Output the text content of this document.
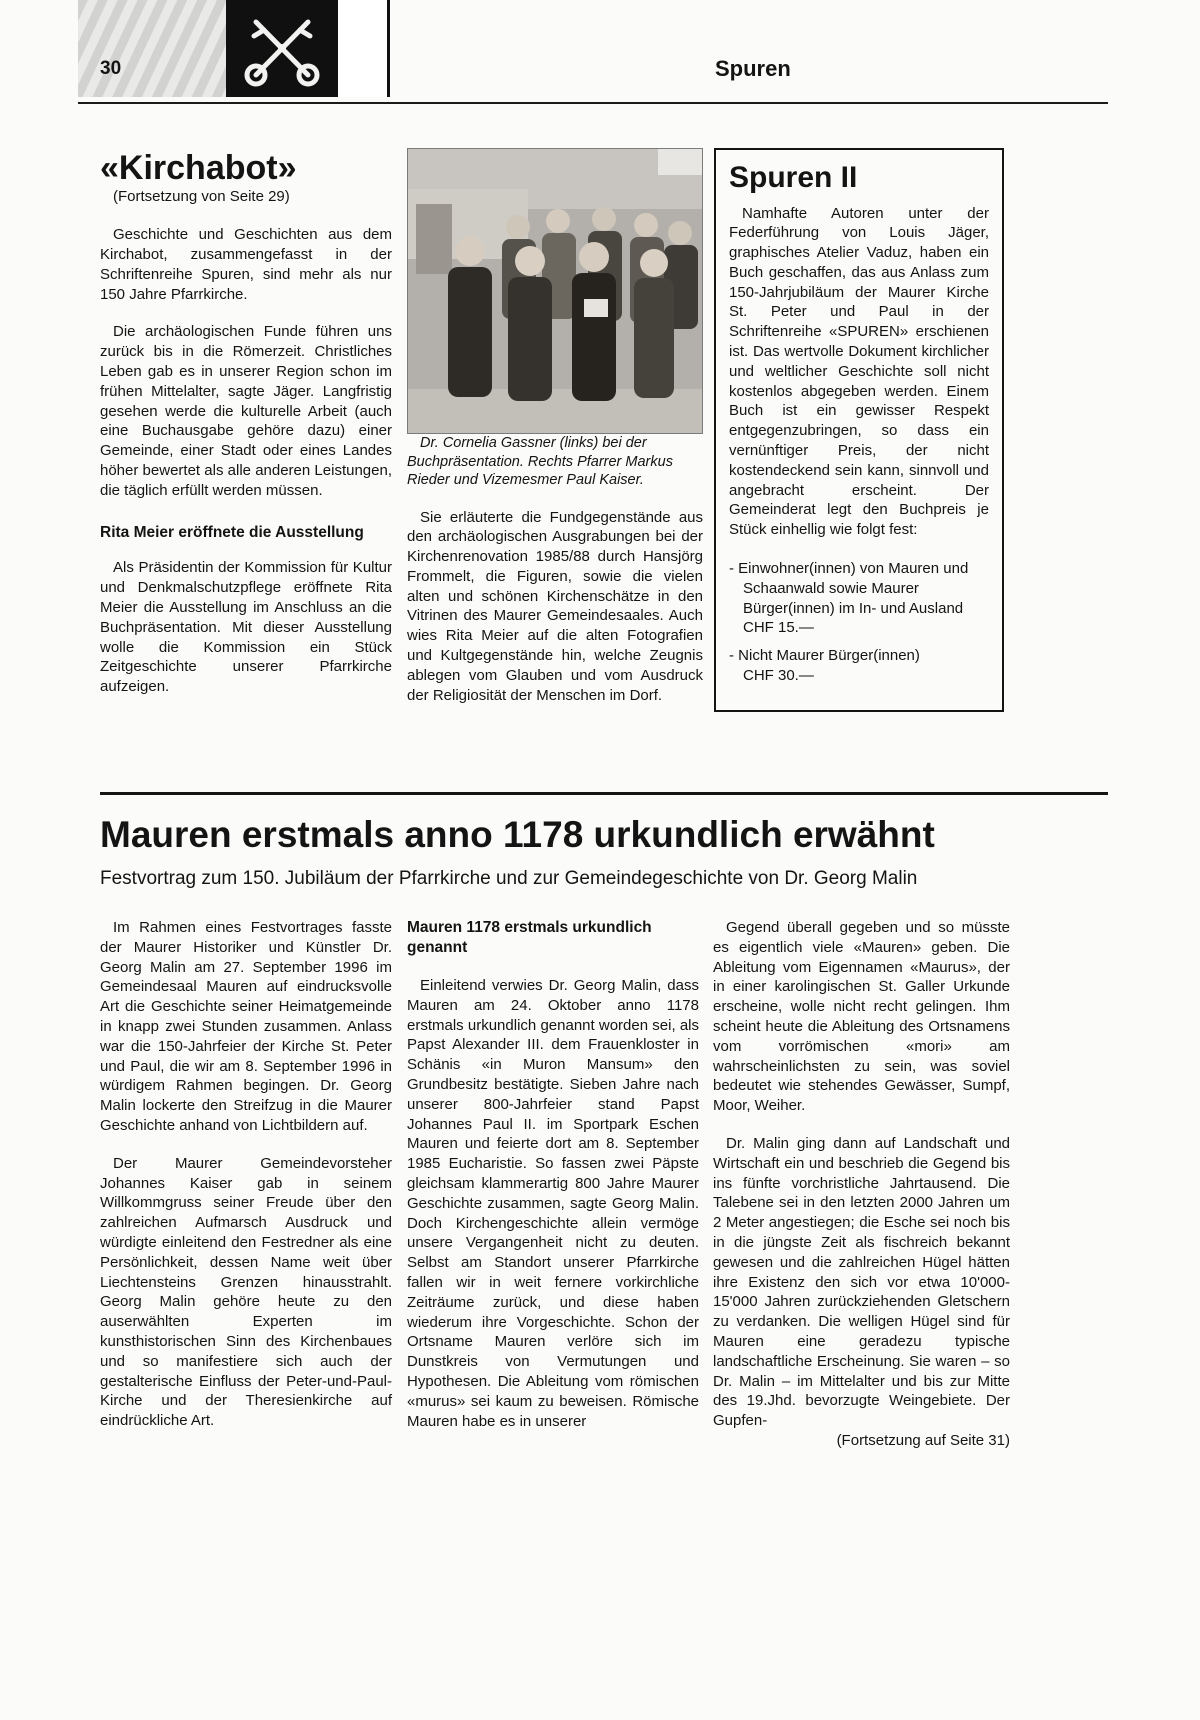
30	Spuren
«Kirchabot»

(Fortsetzung von Seite 29)

Geschichte und Geschichten aus dem Kirchabot, zusammengefasst in der Schriftenreihe Spuren, sind mehr als nur 150 Jahre Pfarrkirche.

Die archäologischen Funde führen uns zurück bis in die Römerzeit. Christliches Leben gab es in unserer Region schon im frühen Mittelalter, sagte Jäger. Langfristig gesehen werde die kulturelle Arbeit (auch eine Buchausgabe gehöre dazu) einer Gemeinde, einer Stadt oder eines Landes höher bewertet als alle anderen Leistungen, die täglich erfüllt werden müssen.

Rita Meier eröffnete die Ausstellung

Als Präsidentin der Kommission für Kultur und Denkmalschutzpflege eröffnete Rita Meier die Ausstellung im Anschluss an die Buchpräsentation. Mit dieser Ausstellung wolle die Kommission ein Stück Zeitgeschichte unserer Pfarrkirche aufzeigen.

Dr. Cornelia Gassner (links) bei der Buchpräsentation. Rechts Pfarrer Markus Rieder und Vizemesmer Paul Kaiser.

Sie erläuterte die Fundgegenstände aus den archäologischen Ausgrabungen bei der Kirchenrenovation 1985/88 durch Hansjörg Frommelt, die Figuren, sowie die vielen alten und schönen Kirchenschätze in den Vitrinen des Maurer Gemeindesaales. Auch wies Rita Meier auf die alten Fotografien und Kultgegenstände hin, welche Zeugnis ablegen vom Glauben und vom Ausdruck der Religiosität der Menschen im Dorf.

Spuren II

Namhafte Autoren unter der Federführung von Louis Jäger, graphisches Atelier Vaduz, haben ein Buch geschaffen, das aus Anlass zum 150-Jahrjubiläum der Maurer Kirche St. Peter und Paul in der Schriftenreihe «SPUREN» erschienen ist. Das wertvolle Dokument kirchlicher und weltlicher Geschichte soll nicht kostenlos abgegeben werden. Einem Buch ist ein gewisser Respekt entgegenzubringen, so dass ein vernünftiger Preis, der nicht kostendeckend sein kann, sinnvoll und angebracht erscheint. Der Gemeinderat legt den Buchpreis je Stück einhellig wie folgt fest:

- Einwohner(innen) von Mauren und Schaanwald sowie Maurer Bürger(innen) im In- und Ausland
CHF 15.—

- Nicht Maurer Bürger(innen)
CHF 30.—

Mauren erstmals anno 1178 urkundlich erwähnt

Festvortrag zum 150. Jubiläum der Pfarrkirche und zur Gemeindegeschichte von Dr. Georg Malin

Im Rahmen eines Festvortrages fasste der Maurer Historiker und Künstler Dr. Georg Malin am 27. September 1996 im Gemeindesaal Mauren auf eindrucksvolle Art die Geschichte seiner Heimatgemeinde in knapp zwei Stunden zusammen. Anlass war die 150-Jahrfeier der Kirche St. Peter und Paul, die wir am 8. September 1996 in würdigem Rahmen begingen. Dr. Georg Malin lockerte den Streifzug in die Maurer Geschichte anhand von Lichtbildern auf.

Der Maurer Gemeindevorsteher Johannes Kaiser gab in seinem Willkommgruss seiner Freude über den zahlreichen Aufmarsch Ausdruck und würdigte einleitend den Festredner als eine Persönlichkeit, dessen Name weit über Liechtensteins Grenzen hinausstrahlt. Georg Malin gehöre heute zu den auserwählten Experten im kunsthistorischen Sinn des Kirchenbaues und so manifestiere sich auch der gestalterische Einfluss der Peter-und-Paul-Kirche und der Theresienkirche auf eindrückliche Art.

Mauren 1178 erstmals urkundlich genannt

Einleitend verwies Dr. Georg Malin, dass Mauren am 24. Oktober anno 1178 erstmals urkundlich genannt worden sei, als Papst Alexander III. dem Frauenkloster in Schänis «in Muron Mansum» den Grundbesitz bestätigte. Sieben Jahre nach unserer 800-Jahrfeier stand Papst Johannes Paul II. im Sportpark Eschen Mauren und feierte dort am 8. September 1985 Eucharistie. So fassen zwei Päpste gleichsam klammerartig 800 Jahre Maurer Geschichte zusammen, sagte Georg Malin. Doch Kirchengeschichte allein vermöge unsere Vergangenheit nicht zu deuten. Selbst am Standort unserer Pfarrkirche fallen wir in weit fernere vorkirchliche Zeiträume zurück, und diese haben wiederum ihre Vorgeschichte. Schon der Ortsname Mauren verlöre sich im Dunstkreis von Vermutungen und Hypothesen. Die Ableitung vom römischen «murus» sei kaum zu beweisen. Römische Mauren habe es in unserer

Gegend überall gegeben und so müsste es eigentlich viele «Mauren» geben. Die Ableitung vom Eigennamen «Maurus», der in einer karolingischen St. Galler Urkunde erscheine, wolle nicht recht gelingen. Ihm scheint heute die Ableitung des Ortsnamens vom vorrömischen «mori» am wahrscheinlichsten zu sein, was soviel bedeutet wie stehendes Gewässer, Sumpf, Moor, Weiher.

Dr. Malin ging dann auf Landschaft und Wirtschaft ein und beschrieb die Gegend bis ins fünfte vorchristliche Jahrtausend. Die Talebene sei in den letzten 2000 Jahren um 2 Meter angestiegen; die Esche sei noch bis in die jüngste Zeit als fischreich bekannt gewesen und die zahlreichen Hügel hätten ihre Existenz den sich vor etwa 10'000-15'000 Jahren zurückziehenden Gletschern zu verdanken. Die welligen Hügel sind für Mauren eine geradezu typische landschaftliche Erscheinung. Sie waren – so Dr. Malin – im Mittelalter und bis zur Mitte des 19.Jhd. bevorzugte Weingebiete. Der Gupfen-

(Fortsetzung auf Seite 31)
